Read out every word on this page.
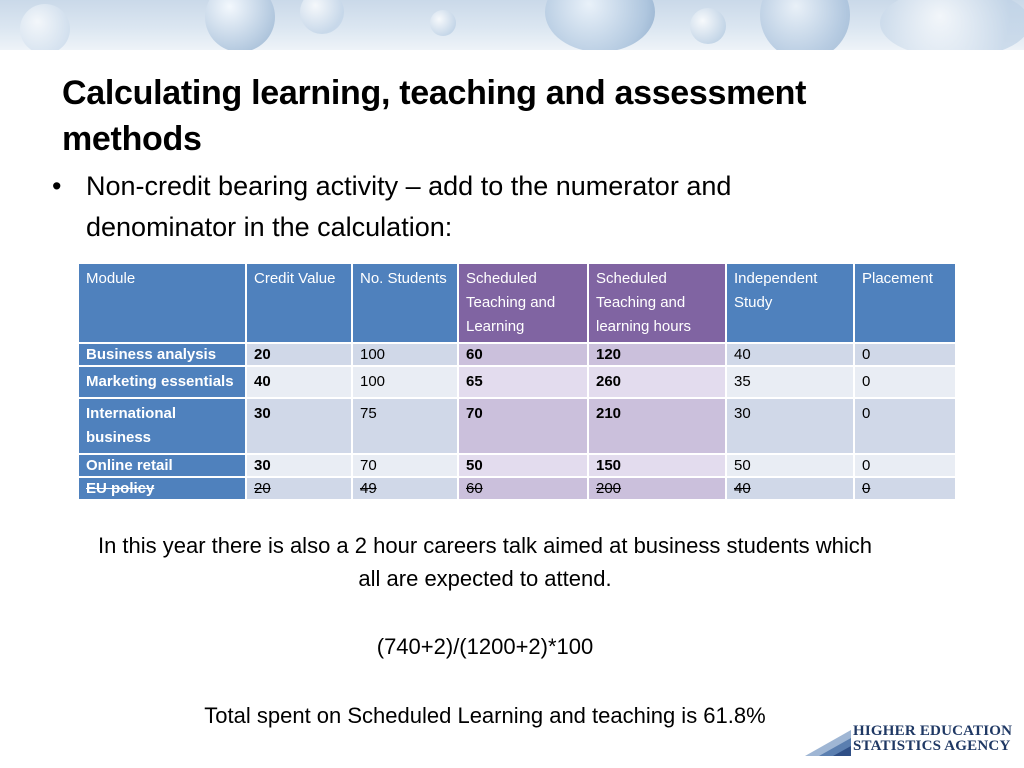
Calculating learning, teaching and assessment methods
• Non-credit bearing activity – add to the numerator and denominator in the calculation:
Module	Credit Value	No. Students	Scheduled Teaching and Learning	Scheduled Teaching and learning hours	Independent Study	Placement
Business analysis	20	100	60	120	40	0
Marketing essentials	40	100	65	260	35	0
International business	30	75	70	210	30	0
Online retail	30	70	50	150	50	0
EU policy	20	49	60	200	40	0
In this year there is also a 2 hour careers talk aimed at business students which all are expected to attend.
(740+2)/(1200+2)*100
Total spent on Scheduled Learning and teaching is 61.8%
HIGHER EDUCATION
STATISTICS AGENCY
